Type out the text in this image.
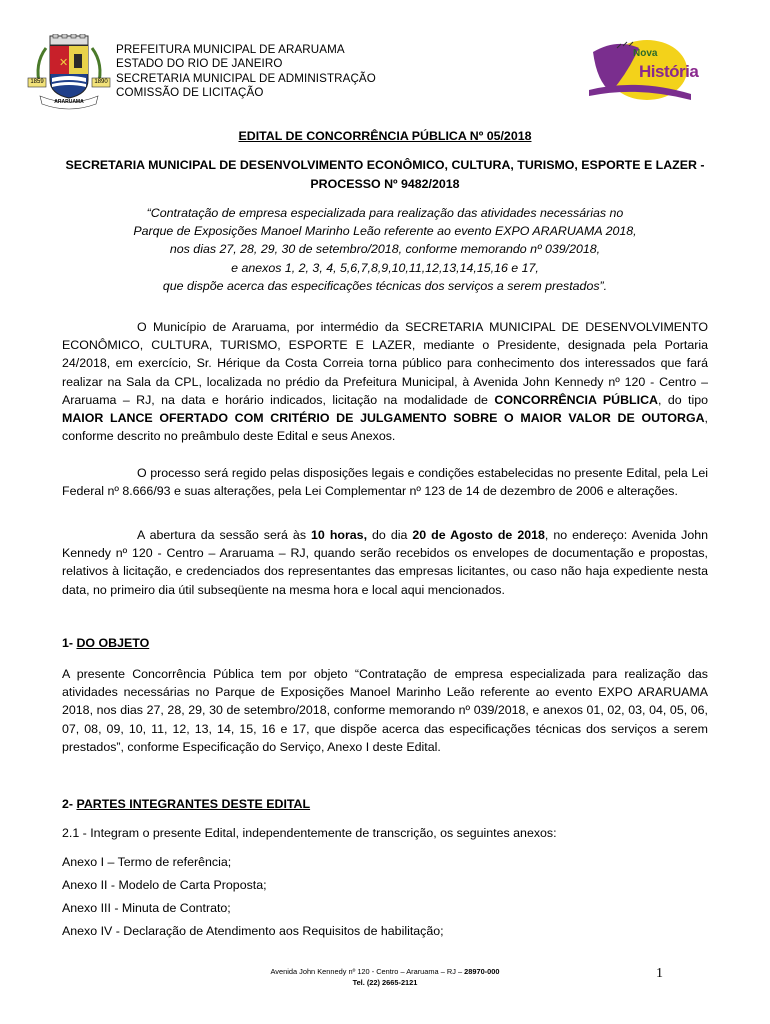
✕
1859	1890
ARARUAMA
PREFEITURA MUNICIPAL DE ARARUAMA
ESTADO DO RIO DE JANEIRO
SECRETARIA MUNICIPAL DE ADMINISTRAÇÃO
COMISSÃO DE LICITAÇÃO
Nova
História
EDITAL DE CONCORRÊNCIA PÚBLICA Nº 05/2018
SECRETARIA MUNICIPAL DE DESENVOLVIMENTO ECONÔMICO, CULTURA, TURISMO, ESPORTE E LAZER - PROCESSO Nº 9482/2018
“Contratação de empresa especializada para realização das atividades necessárias no
Parque de Exposições Manoel Marinho Leão referente ao evento EXPO ARARUAMA 2018,
nos dias 27, 28, 29, 30 de setembro/2018, conforme memorando nº 039/2018,
e anexos 1, 2, 3, 4, 5,6,7,8,9,10,11,12,13,14,15,16 e 17,
que dispõe acerca das especificações técnicas dos serviços a serem prestados”.
O Município de Araruama, por intermédio da SECRETARIA MUNICIPAL DE DESENVOLVIMENTO ECONÔMICO, CULTURA, TURISMO, ESPORTE E LAZER, mediante o Presidente, designada pela Portaria 24/2018, em exercício, Sr. Hérique da Costa Correia torna público para conhecimento dos interessados que fará realizar na Sala da CPL, localizada no prédio da Prefeitura Municipal, à Avenida John Kennedy nº 120 - Centro – Araruama – RJ, na data e horário indicados, licitação na modalidade de CONCORRÊNCIA PÚBLICA, do tipo MAIOR LANCE OFERTADO COM CRITÉRIO DE JULGAMENTO SOBRE O MAIOR VALOR DE OUTORGA, conforme descrito no preâmbulo deste Edital e seus Anexos.
O processo será regido pelas disposições legais e condições estabelecidas no presente Edital, pela Lei Federal nº 8.666/93 e suas alterações, pela Lei Complementar nº 123 de 14 de dezembro de 2006 e alterações.
A abertura da sessão será às 10 horas, do dia 20 de Agosto de 2018, no endereço: Avenida John Kennedy nº 120 - Centro – Araruama – RJ, quando serão recebidos os envelopes de documentação e propostas, relativos à licitação, e credenciados dos representantes das empresas licitantes, ou caso não haja expediente nesta data, no primeiro dia útil subseqüente na mesma hora e local aqui mencionados.
1- DO OBJETO
A presente Concorrência Pública tem por objeto “Contratação de empresa especializada para realização das atividades necessárias no Parque de Exposições Manoel Marinho Leão referente ao evento EXPO ARARUAMA 2018, nos dias 27, 28, 29, 30 de setembro/2018, conforme memorando nº 039/2018, e anexos 01, 02, 03, 04, 05, 06, 07, 08, 09, 10, 11, 12, 13, 14, 15, 16 e 17, que dispõe acerca das especificações técnicas dos serviços a serem prestados”, conforme Especificação do Serviço, Anexo I deste Edital.
2- PARTES INTEGRANTES DESTE EDITAL
2.1 - Integram o presente Edital, independentemente de transcrição, os seguintes anexos:
Anexo I – Termo de referência;
Anexo II - Modelo de Carta Proposta;
Anexo III - Minuta de Contrato;
Anexo IV - Declaração de Atendimento aos Requisitos de habilitação;
Avenida John Kennedy nº 120 - Centro – Araruama – RJ – 28970-000
Tel. (22) 2665-2121
1
